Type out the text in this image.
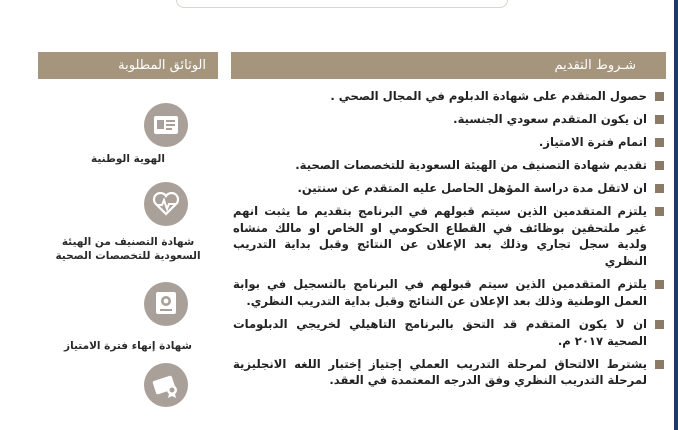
شـروط التقديم
الوثائق المطلوبة
حصول المتقدم على شهادة الدبلوم في المجال الصحي .
ان يكون المتقدم سعودي الجنسية.
اتمام فترة الامتياز.
تقديم شهادة التصنيف من الهيئة السعودية للتخصصات الصحية.
ان لاتقل مدة دراسة المؤهل الحاصل عليه المتقدم عن سنتين.
يلتزم المتقدمين الذين سيتم قبولهم في البرنامج بتقديم ما يثبت انهم غير ملتحقين بوظائف في القطاع الحكومي او الخاص او مالك منشاه ولدية سجل تجاري وذلك بعد الإعلان عن النتائج وقبل بداية التدريب النظري
يلتزم المتقدمين الذين سيتم قبولهم في البرنامج بالتسجيل في بوابة العمل الوطنية وذلك بعد الإعلان عن النتائج وقبل بداية التدريب النظري.
ان لا يكون المتقدم قد التحق بالبرنامج التاهيلي لخريجي الدبلومات الصحية ٢٠١٧ م.
يشترط الالتحاق لمرحلة التدريب العملي إجتياز إختبار اللغه الانجليزية لمرحلة التدريب النظري وفق الدرجه المعتمدة في العقد.
الهوية الوطنية
شهادة التصنيف من الهيئة السعودية للتخصصات الصحية
شهادة إنهاء فترة الامتياز
